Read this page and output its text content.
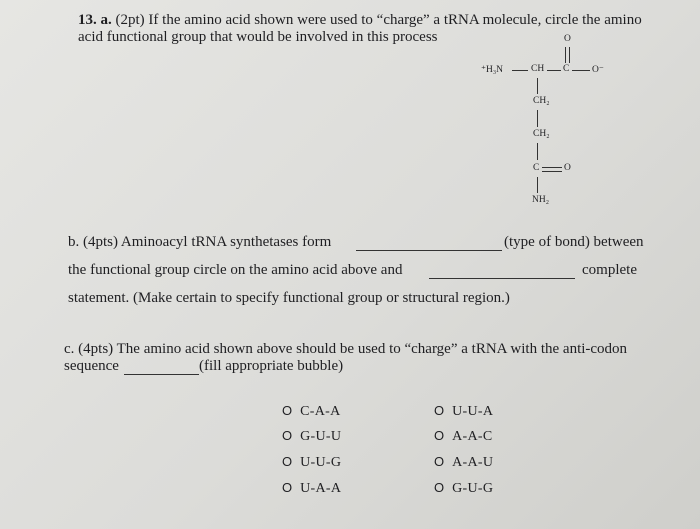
13. a. (2pt) If the amino acid shown were used to “charge” a tRNA molecule, circle the amino
acid functional group that would be involved in this process
⁺H₃N	CH C
O
O⁻
CH₂
CH₂
C	O
NH₂
b. (4pts) Aminoacyl tRNA synthetases form	(type of bond) between
the functional group circle on the amino acid above and	complete
statement. (Make certain to specify functional group or structural region.)
c. (4pts) The amino acid shown above should be used to “charge” a tRNA with the anti-codon
sequence	(fill appropriate bubble)
O C-A-A
O G-U-U
O U-U-G
O U-A-A
O U-U-A
O A-A-C
O A-A-U
O G-U-G
